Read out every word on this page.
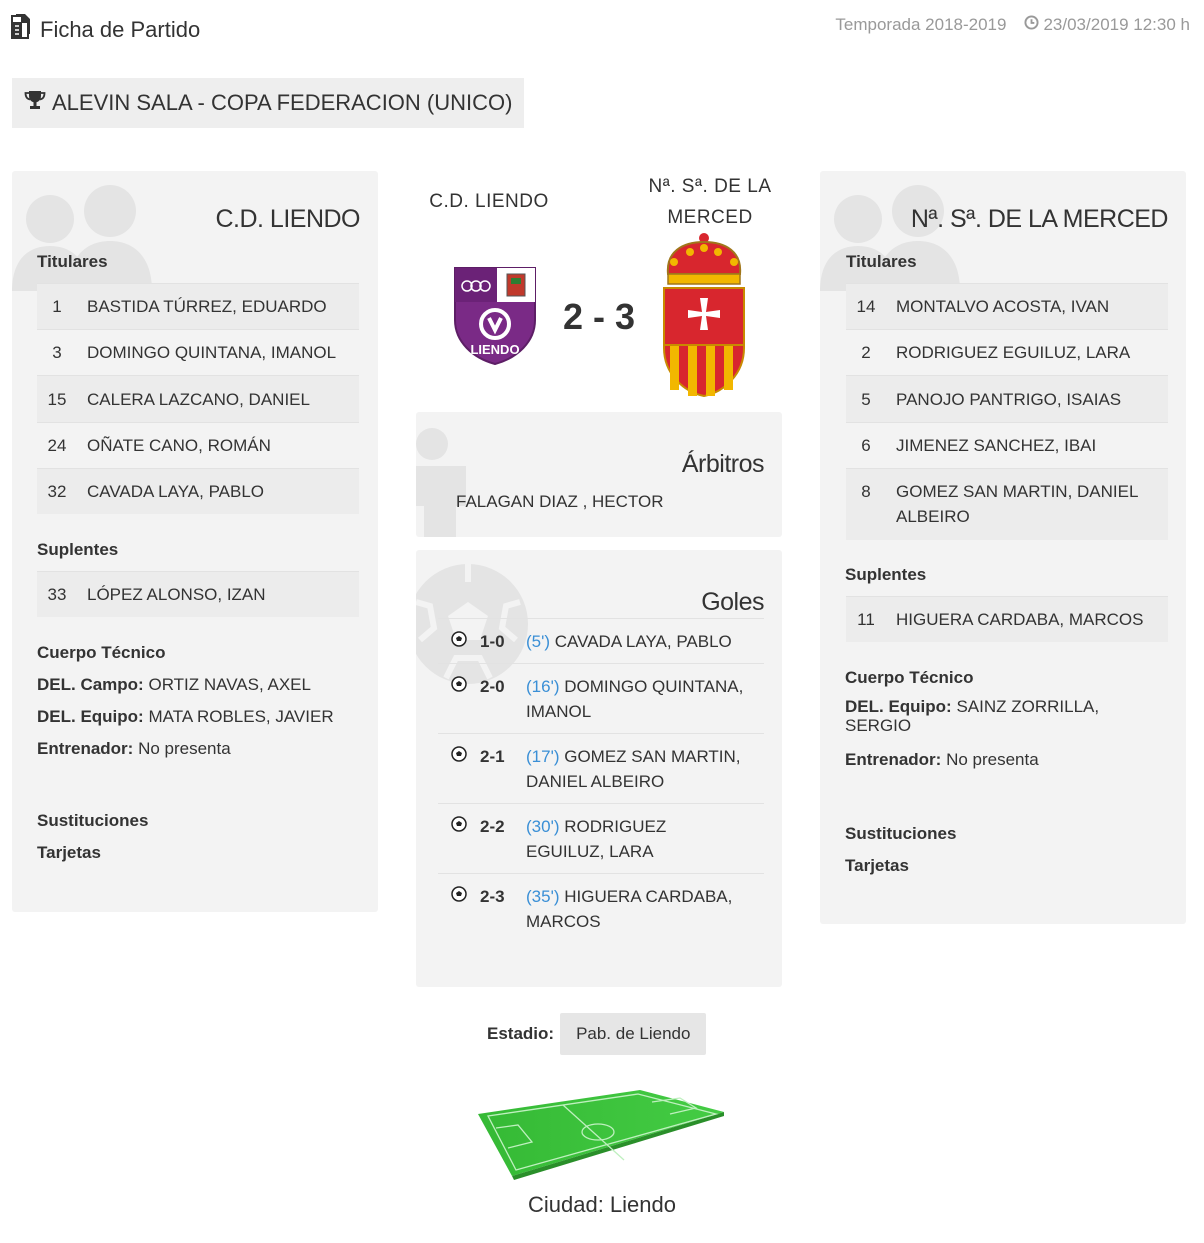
Ficha de Partido	Temporada 2018-2019 23/03/2019 12:30 h
ALEVIN SALA - COPA FEDERACION (UNICO)
C.D. LIENDO
Titulares
1	BASTIDA TÚRREZ, EDUARDO
3	DOMINGO QUINTANA, IMANOL
15	CALERA LAZCANO, DANIEL
24	OÑATE CANO, ROMÁN
32	CAVADA LAYA, PABLO
Suplentes
33	LÓPEZ ALONSO, IZAN
Cuerpo Técnico
DEL. Campo: ORTIZ NAVAS, AXEL
DEL. Equipo: MATA ROBLES, JAVIER
Entrenador: No presenta
Sustituciones
Tarjetas
C.D. LIENDO
Nª. Sª. DE LA
MERCED
LIENDO
2 - 3
Árbitros
FALAGAN DIAZ , HECTOR
Goles
1-0	(5') CAVADA LAYA, PABLO
2-0	(16') DOMINGO QUINTANA, IMANOL
2-1	(17') GOMEZ SAN MARTIN, DANIEL ALBEIRO
2-2	(30') RODRIGUEZ EGUILUZ, LARA
2-3	(35') HIGUERA CARDABA, MARCOS
Nª. Sª. DE LA MERCED
Titulares
14	MONTALVO ACOSTA, IVAN
2	RODRIGUEZ EGUILUZ, LARA
5	PANOJO PANTRIGO, ISAIAS
6	JIMENEZ SANCHEZ, IBAI
8	GOMEZ SAN MARTIN, DANIEL ALBEIRO
Suplentes
11	HIGUERA CARDABA, MARCOS
Cuerpo Técnico
DEL. Equipo: SAINZ ZORRILLA, SERGIO
Entrenador: No presenta
Sustituciones
Tarjetas
Estadio:	Pab. de Liendo
Ciudad: Liendo
